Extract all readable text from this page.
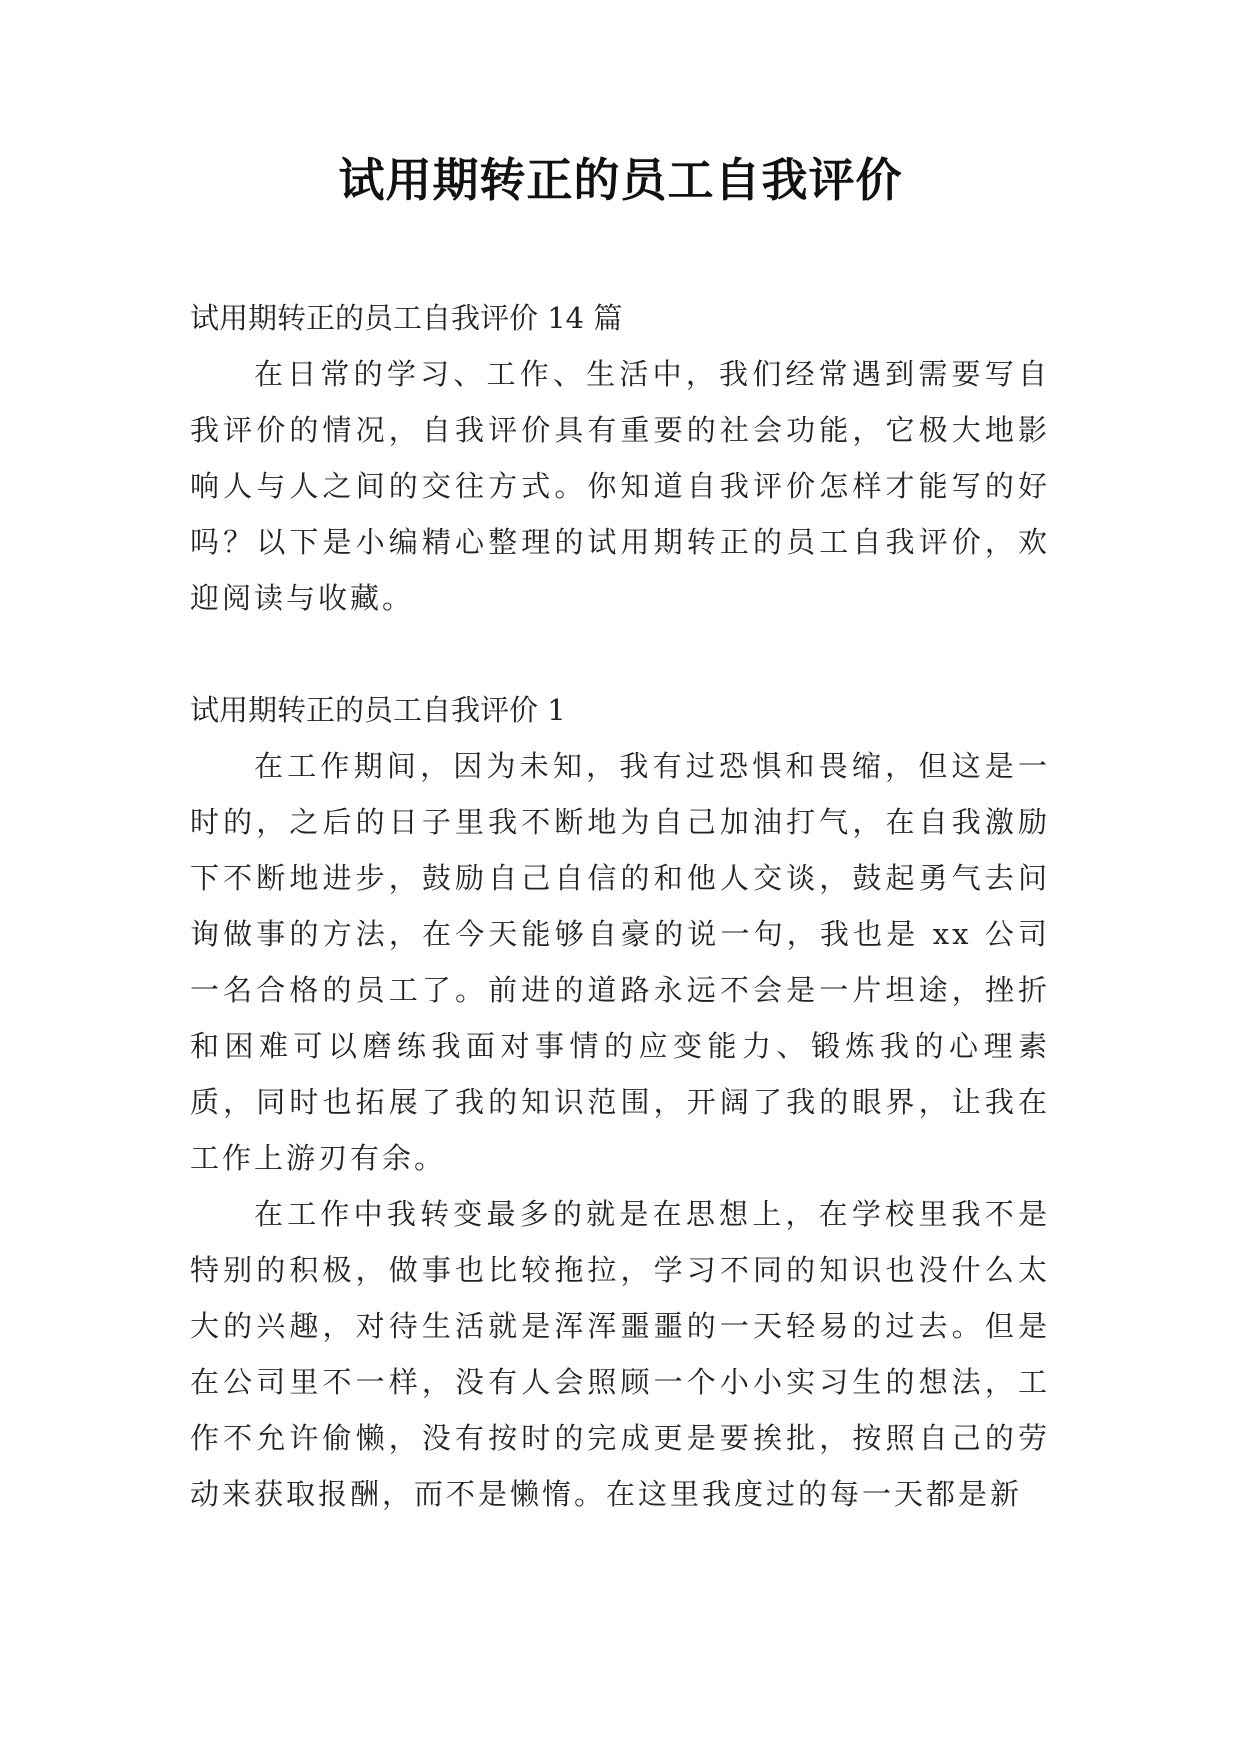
试用期转正的员工自我评价

试用期转正的员工自我评价 14 篇

在日常的学习、工作、生活中，我们经常遇到需要写自我评价的情况，自我评价具有重要的社会功能，它极大地影响人与人之间的交往方式。你知道自我评价怎样才能写的好吗？以下是小编精心整理的试用期转正的员工自我评价，欢迎阅读与收藏。

试用期转正的员工自我评价 1

在工作期间，因为未知，我有过恐惧和畏缩，但这是一时的，之后的日子里我不断地为自己加油打气，在自我激励下不断地进步，鼓励自己自信的和他人交谈，鼓起勇气去问询做事的方法，在今天能够自豪的说一句，我也是 xx 公司一名合格的员工了。前进的道路永远不会是一片坦途，挫折和困难可以磨练我面对事情的应变能力、锻炼我的心理素质，同时也拓展了我的知识范围，开阔了我的眼界，让我在工作上游刃有余。

在工作中我转变最多的就是在思想上，在学校里我不是特别的积极，做事也比较拖拉，学习不同的知识也没什么太大的兴趣，对待生活就是浑浑噩噩的一天轻易的过去。但是在公司里不一样，没有人会照顾一个小小实习生的想法，工作不允许偷懒，没有按时的完成更是要挨批，按照自己的劳动来获取报酬，而不是懒惰。在这里我度过的每一天都是新
